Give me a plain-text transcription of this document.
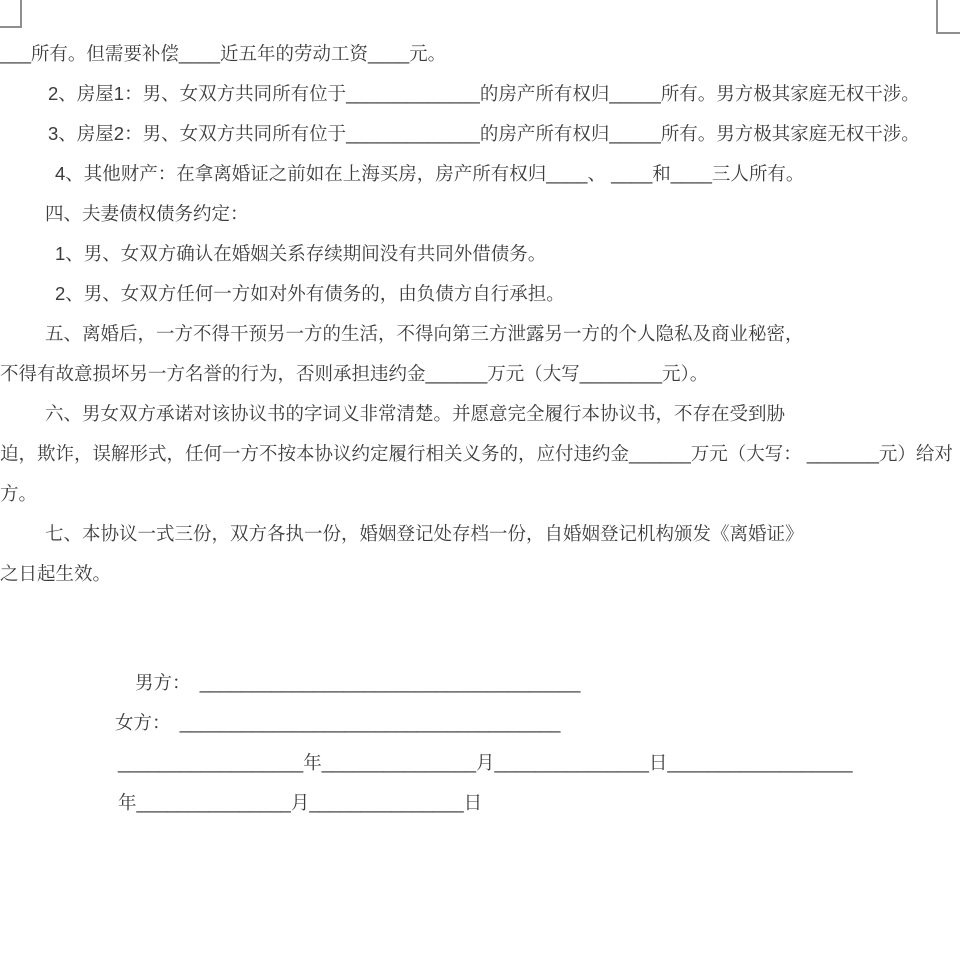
___所有。但需要补偿____近五年的劳动工资____元。
2、房屋1：男、女双方共同所有位于_____________的房产所有权归_____所有。男方极其家庭无权干涉。
3、房屋2：男、女双方共同所有位于_____________的房产所有权归_____所有。男方极其家庭无权干涉。
4、其他财产：在拿离婚证之前如在上海买房，房产所有权归____、 ____和____三人所有。
四、夫妻债权债务约定：
1、男、女双方确认在婚姻关系存续期间没有共同外借债务。
2、男、女双方任何一方如对外有债务的，由负债方自行承担。
五、离婚后，一方不得干预另一方的生活，不得向第三方泄露另一方的个人隐私及商业秘密，
不得有故意损坏另一方名誉的行为，否则承担违约金______万元（大写________元）。
六、男女双方承诺对该协议书的字词义非常清楚。并愿意完全履行本协议书，不存在受到胁
迫，欺诈，误解形式，任何一方不按本协议约定履行相关义务的，应付违约金______万元（大写： _______元）给对
方。
七、本协议一式三份，双方各执一份，婚姻登记处存档一份，自婚姻登记机构颁发《离婚证》
之日起生效。
男方：　_____________________________________
女方：　_____________________________________
__________________年_______________月_______________日__________________
年_______________月_______________日
